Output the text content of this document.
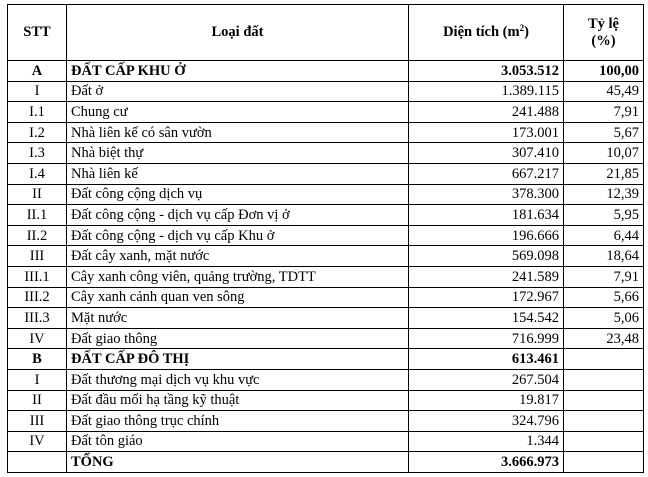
STT	Loại đất	Diện tích $(m^2)$	Tỷ lệ
(%)
A	ĐẤT CẤP KHU Ở	3.053.512	100,00
I	Đất ở	1.389.115	45,49
I.1	Chung cư	241.488	7,91
I.2	Nhà liên kế có sân vườn	173.001	5,67
I.3	Nhà biệt thự	307.410	10,07
I.4	Nhà liên kế	667.217	21,85
II	Đất công cộng dịch vụ	378.300	12,39
II.1	Đất công cộng - dịch vụ cấp Đơn vị ở	181.634	5,95
II.2	Đất công cộng - dịch vụ cấp Khu ở	196.666	6,44
III	Đất cây xanh, mặt nước	569.098	18,64
III.1	Cây xanh công viên, quảng trường, TDTT	241.589	7,91
III.2	Cây xanh cảnh quan ven sông	172.967	5,66
III.3	Mặt nước	154.542	5,06
IV	Đất giao thông	716.999	23,48
B	ĐẤT CẤP ĐÔ THỊ	613.461	
I	Đất thương mại dịch vụ khu vực	267.504	
II	Đất đầu mối hạ tầng kỹ thuật	19.817	
III	Đất giao thông trục chính	324.796	
IV	Đất tôn giáo	1.344	
	TỔNG	3.666.973	
